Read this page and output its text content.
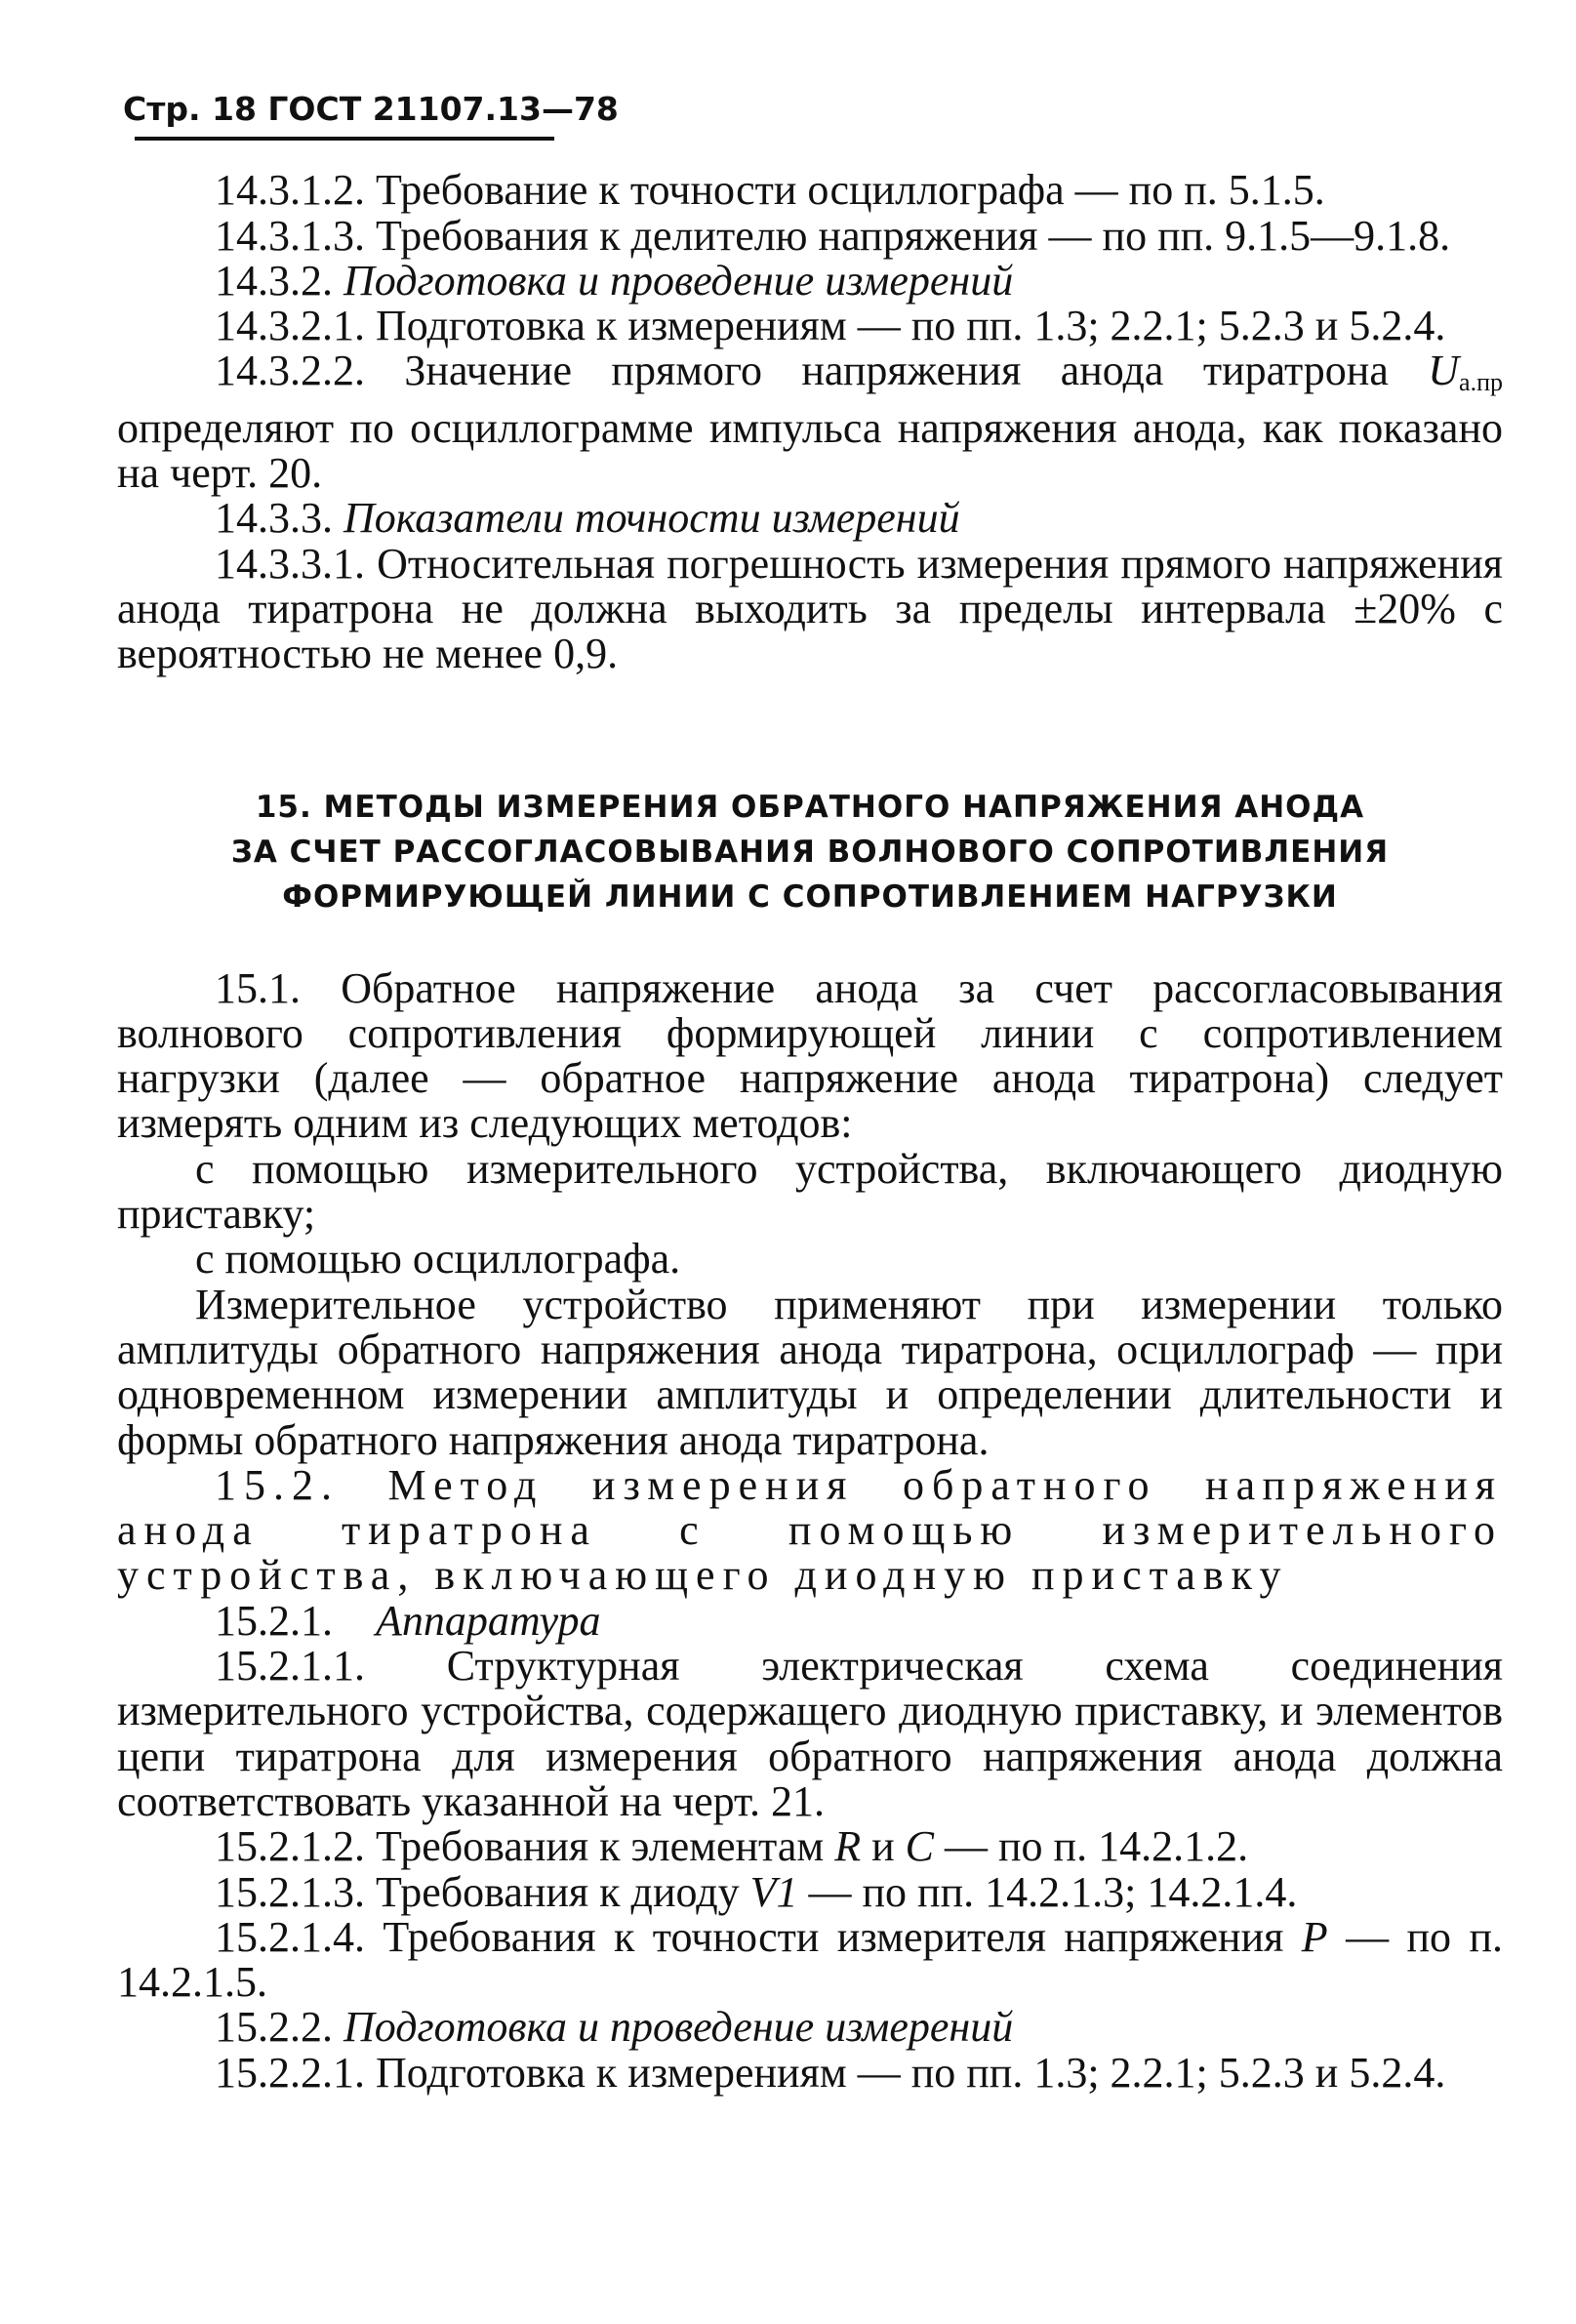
Стр. 18 ГОСТ 21107.13—78

14.3.1.2. Требование к точности осциллографа — по п. 5.1.5.

14.3.1.3. Требования к делителю напряжения — по пп. 9.1.5—9.1.8.

14.3.2. Подготовка и проведение измерений

14.3.2.1. Подготовка к измерениям — по пп. 1.3; 2.2.1; 5.2.3 и 5.2.4.

14.3.2.2. Значение прямого напряжения анода тиратрона $U_{а.пр}$ определяют по осциллограмме импульса напряжения анода, как показано на черт. 20.

14.3.3. Показатели точности измерений

14.3.3.1. Относительная погрешность измерения прямого напряжения анода тиратрона не должна выходить за пределы интервала ±20% с вероятностью не менее 0,9.

15. МЕТОДЫ ИЗМЕРЕНИЯ ОБРАТНОГО НАПРЯЖЕНИЯ АНОДА
ЗА СЧЕТ РАССОГЛАСОВЫВАНИЯ ВОЛНОВОГО СОПРОТИВЛЕНИЯ
ФОРМИРУЮЩЕЙ ЛИНИИ С СОПРОТИВЛЕНИЕМ НАГРУЗКИ

15.1. Обратное напряжение анода за счет рассогласовывания волнового сопротивления формирующей линии с сопротивлением нагрузки (далее — обратное напряжение анода тиратрона) следует измерять одним из следующих методов:

с помощью измерительного устройства, включающего диодную приставку;

с помощью осциллографа.

Измерительное устройство применяют при измерении только амплитуды обратного напряжения анода тиратрона, осциллограф — при одновременном измерении амплитуды и определении длительности и формы обратного напряжения анода тиратрона.

15.2. Метод измерения обратного напряжения анода тиратрона с помощью измерительного устройства, включающего диодную приставку

15.2.1. Аппаратура

15.2.1.1. Структурная электрическая схема соединения измерительного устройства, содержащего диодную приставку, и элементов цепи тиратрона для измерения обратного напряжения анода должна соответствовать указанной на черт. 21.

15.2.1.2. Требования к элементам R и C — по п. 14.2.1.2.

15.2.1.3. Требования к диоду V1 — по пп. 14.2.1.3; 14.2.1.4.

15.2.1.4. Требования к точности измерителя напряжения P — по п. 14.2.1.5.

15.2.2. Подготовка и проведение измерений

15.2.2.1. Подготовка к измерениям — по пп. 1.3; 2.2.1; 5.2.3 и 5.2.4.
